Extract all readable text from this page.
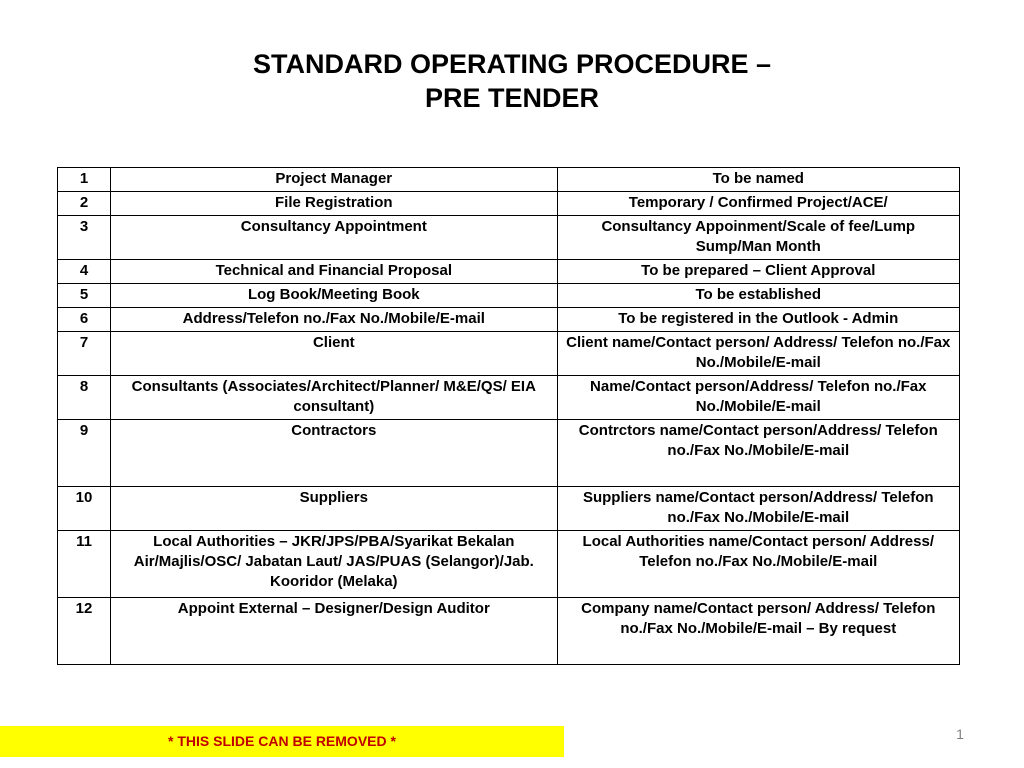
STANDARD OPERATING PROCEDURE –
PRE TENDER
1	Project Manager	To be named
2	File Registration	Temporary / Confirmed Project/ACE/
3	Consultancy Appointment	Consultancy Appoinment/Scale of fee/Lump Sump/Man Month
4	Technical and Financial Proposal	To be prepared – Client Approval
5	Log Book/Meeting Book	To be established
6	Address/Telefon no./Fax No./Mobile/E-mail	To be registered in the Outlook - Admin
7	Client	Client name/Contact person/ Address/ Telefon no./Fax No./Mobile/E-mail
8	Consultants (Associates/Architect/Planner/ M&E/QS/ EIA consultant)	Name/Contact person/Address/ Telefon no./Fax No./Mobile/E-mail
9	Contractors	Contrctors name/Contact person/Address/ Telefon no./Fax No./Mobile/E-mail
10	Suppliers	Suppliers name/Contact person/Address/ Telefon no./Fax No./Mobile/E-mail
11	Local Authorities – JKR/JPS/PBA/Syarikat Bekalan Air/Majlis/OSC/ Jabatan Laut/ JAS/PUAS (Selangor)/Jab. Kooridor (Melaka)	Local Authorities name/Contact person/ Address/ Telefon no./Fax No./Mobile/E-mail
12	Appoint External – Designer/Design Auditor	Company name/Contact person/ Address/ Telefon no./Fax No./Mobile/E-mail – By request
* THIS SLIDE CAN BE REMOVED *	1
